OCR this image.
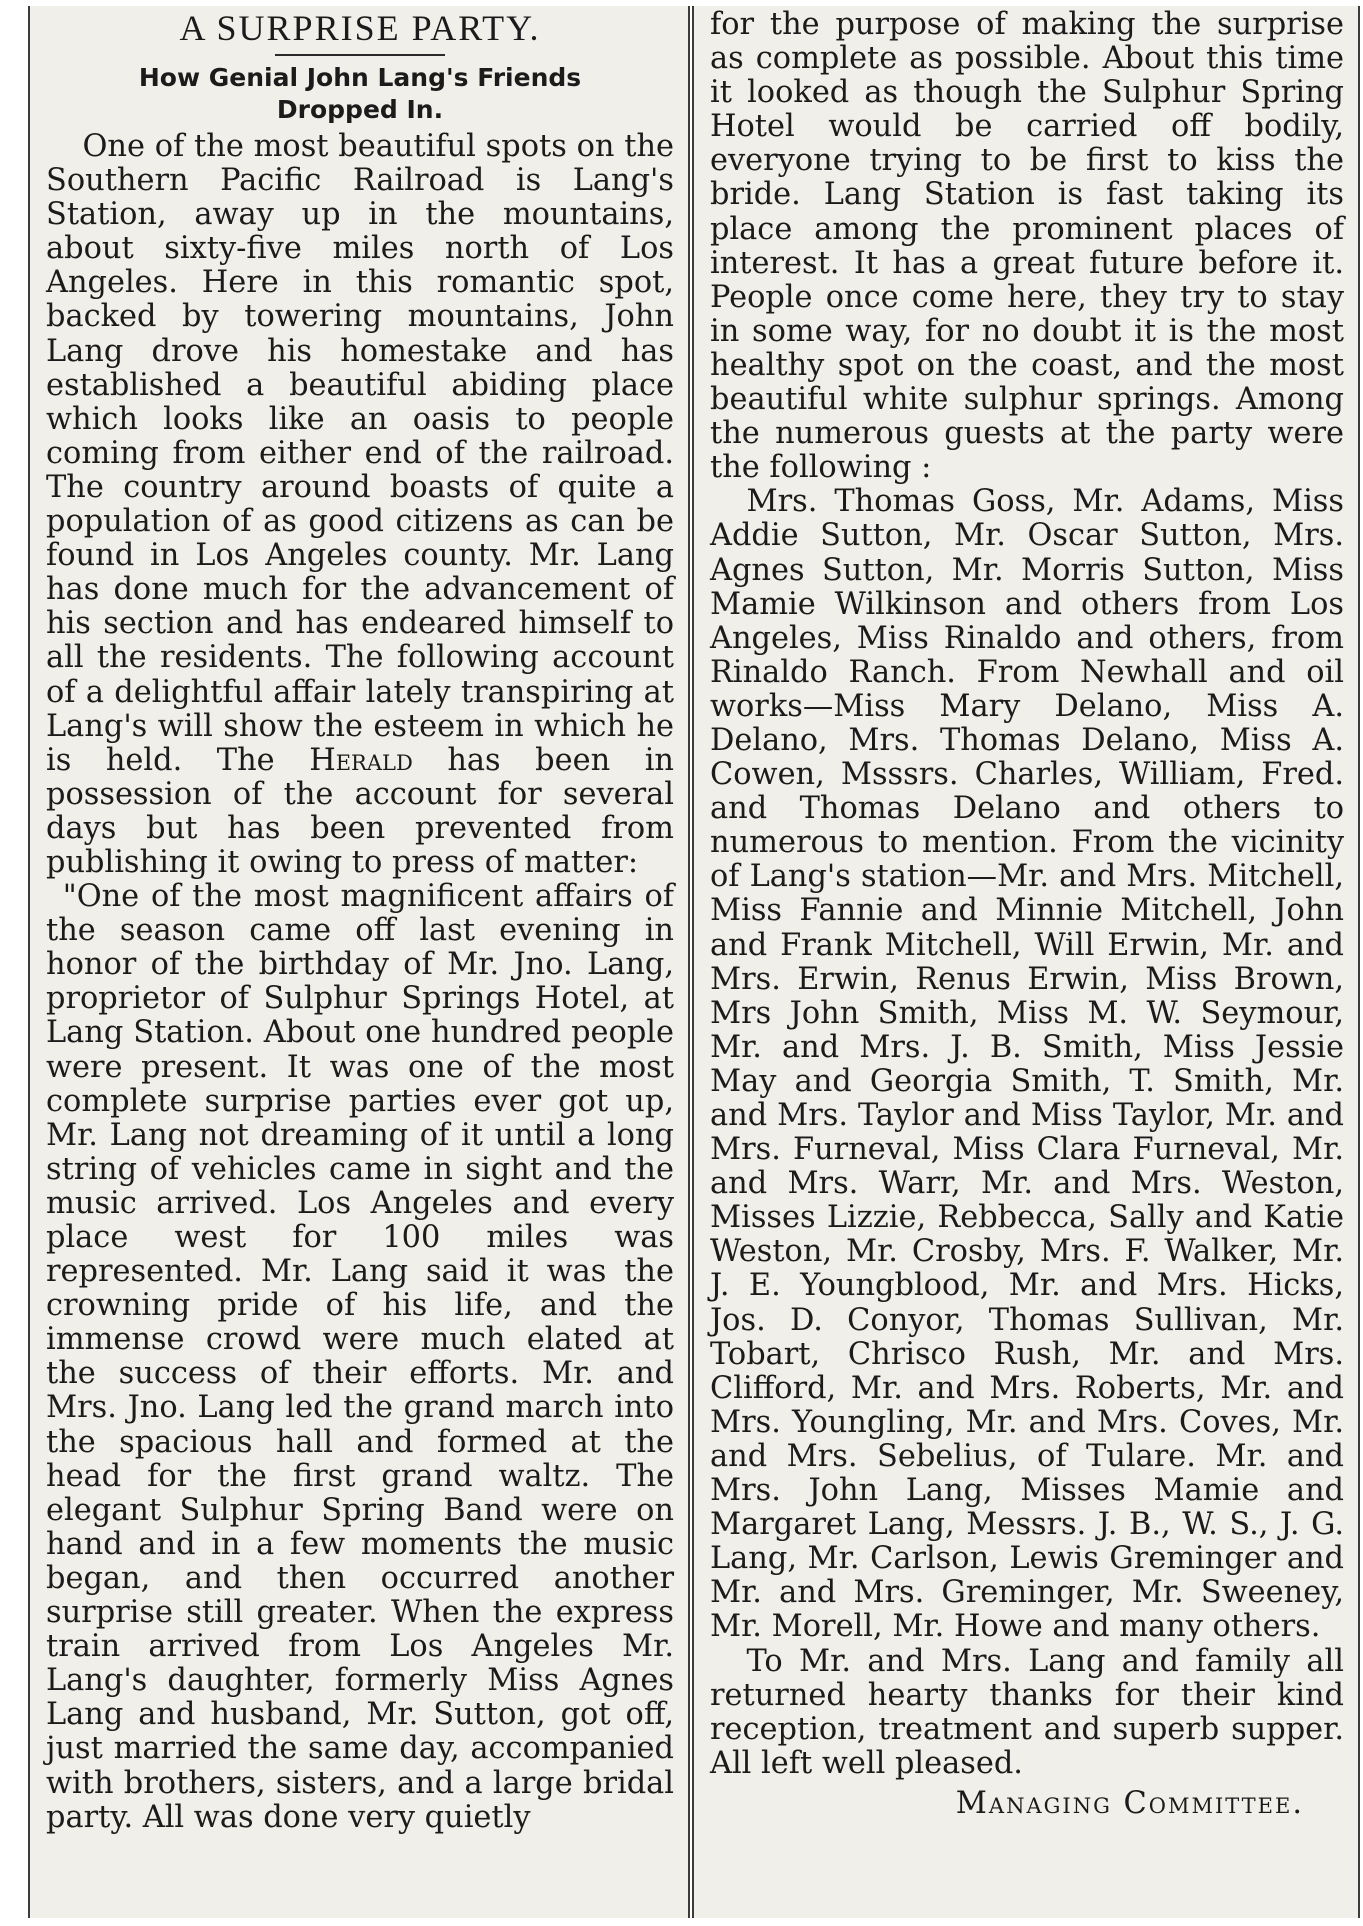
A SURPRISE PARTY.
How Genial John Lang's Friends
Dropped In.

One of the most beautiful spots on the Southern Pacific Railroad is Lang's Station, away up in the mountains, about sixty-five miles north of Los Angeles. Here in this romantic spot, backed by towering mountains, John Lang drove his homestake and has established a beautiful abiding place which looks like an oasis to people coming from either end of the railroad. The country around boasts of quite a population of as good citizens as can be found in Los Angeles county. Mr. Lang has done much for the advancement of his section and has endeared himself to all the residents. The following account of a delightful affair lately transpiring at Lang's will show the esteem in which he is held. The Herald has been in possession of the account for several days but has been prevented from publishing it owing to press of matter:

"One of the most magnificent affairs of the season came off last evening in honor of the birthday of Mr. Jno. Lang, proprietor of Sulphur Springs Hotel, at Lang Station. About one hundred people were present. It was one of the most complete surprise parties ever got up, Mr. Lang not dreaming of it until a long string of vehicles came in sight and the music arrived. Los Angeles and every place west for 100 miles was represented. Mr. Lang said it was the crowning pride of his life, and the immense crowd were much elated at the success of their efforts. Mr. and Mrs. Jno. Lang led the grand march into the spacious hall and formed at the head for the first grand waltz. The elegant Sulphur Spring Band were on hand and in a few moments the music began, and then occurred another surprise still greater. When the express train arrived from Los Angeles Mr. Lang's daughter, formerly Miss Agnes Lang and husband, Mr. Sutton, got off, just married the same day, accompanied with brothers, sisters, and a large bridal party. All was done very quietly

for the purpose of making the surprise as complete as possible. About this time it looked as though the Sulphur Spring Hotel would be carried off bodily, everyone trying to be first to kiss the bride. Lang Station is fast taking its place among the prominent places of interest. It has a great future before it. People once come here, they try to stay in some way, for no doubt it is the most healthy spot on the coast, and the most beautiful white sulphur springs. Among the numerous guests at the party were the following :

Mrs. Thomas Goss, Mr. Adams, Miss Addie Sutton, Mr. Oscar Sutton, Mrs. Agnes Sutton, Mr. Morris Sutton, Miss Mamie Wilkinson and others from Los Angeles, Miss Rinaldo and others, from Rinaldo Ranch. From Newhall and oil works—Miss Mary Delano, Miss A. Delano, Mrs. Thomas Delano, Miss A. Cowen, Msssrs. Charles, William, Fred. and Thomas Delano and others to numerous to mention. From the vicinity of Lang's station—Mr. and Mrs. Mitchell, Miss Fannie and Minnie Mitchell, John and Frank Mitchell, Will Erwin, Mr. and Mrs. Erwin, Renus Erwin, Miss Brown, Mrs John Smith, Miss M. W. Seymour, Mr. and Mrs. J. B. Smith, Miss Jessie May and Georgia Smith, T. Smith, Mr. and Mrs. Taylor and Miss Taylor, Mr. and Mrs. Furneval, Miss Clara Furneval, Mr. and Mrs. Warr, Mr. and Mrs. Weston, Misses Lizzie, Rebbecca, Sally and Katie Weston, Mr. Crosby, Mrs. F. Walker, Mr. J. E. Youngblood, Mr. and Mrs. Hicks, Jos. D. Conyor, Thomas Sullivan, Mr. Tobart, Chrisco Rush, Mr. and Mrs. Clifford, Mr. and Mrs. Roberts, Mr. and Mrs. Youngling, Mr. and Mrs. Coves, Mr. and Mrs. Sebelius, of Tulare. Mr. and Mrs. John Lang, Misses Mamie and Margaret Lang, Messrs. J. B., W. S., J. G. Lang, Mr. Carlson, Lewis Greminger and Mr. and Mrs. Greminger, Mr. Sweeney, Mr. Morell, Mr. Howe and many others.

To Mr. and Mrs. Lang and family all returned hearty thanks for their kind reception, treatment and superb supper. All left well pleased.

Managing Committee.
